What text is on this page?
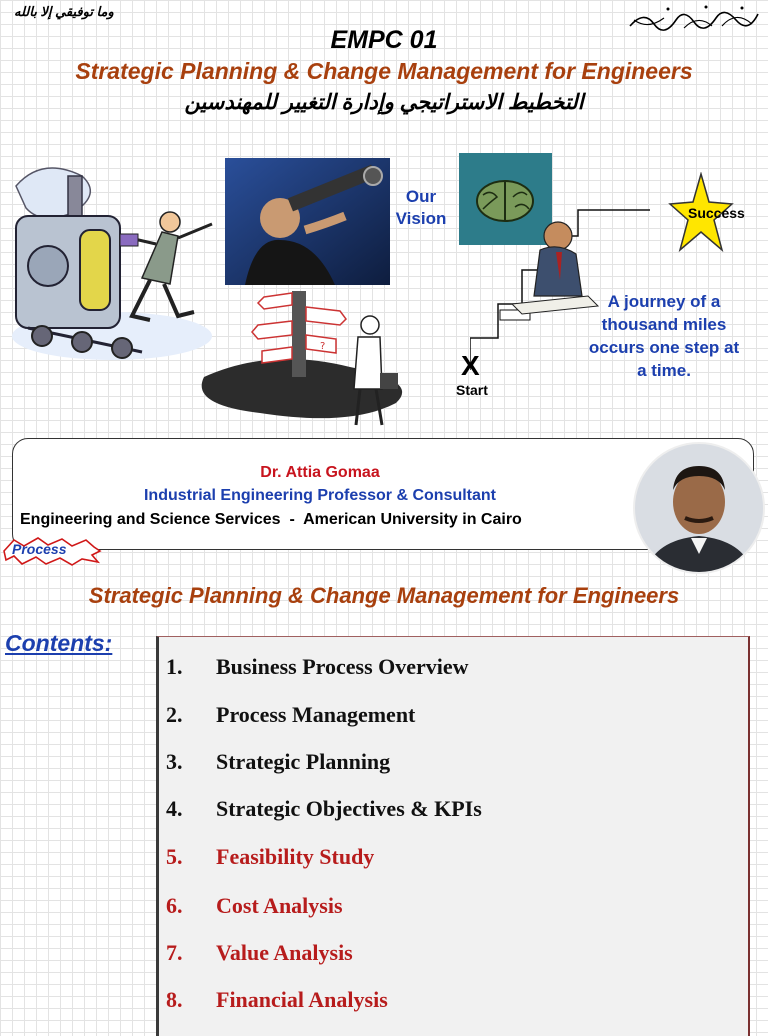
وما توفيقي إلا بالله
EMPC 01
Strategic Planning & Change Management for Engineers
التخطيط الاستراتيجي وإدارة التغيير للمهندسين
?
Our
Vision	Success
A journey of a thousand miles occurs one step at a time.
X
Start
Dr. Attia Gomaa
Industrial Engineering Professor & Consultant
Engineering and Science Services  -  American University in Cairo
Process
Strategic Planning & Change Management for Engineers
Contents:
1. Business Process Overview
2. Process Management
3. Strategic Planning
4. Strategic Objectives & KPIs
5. Feasibility Study
6. Cost Analysis
7. Value Analysis
8. Financial Analysis
